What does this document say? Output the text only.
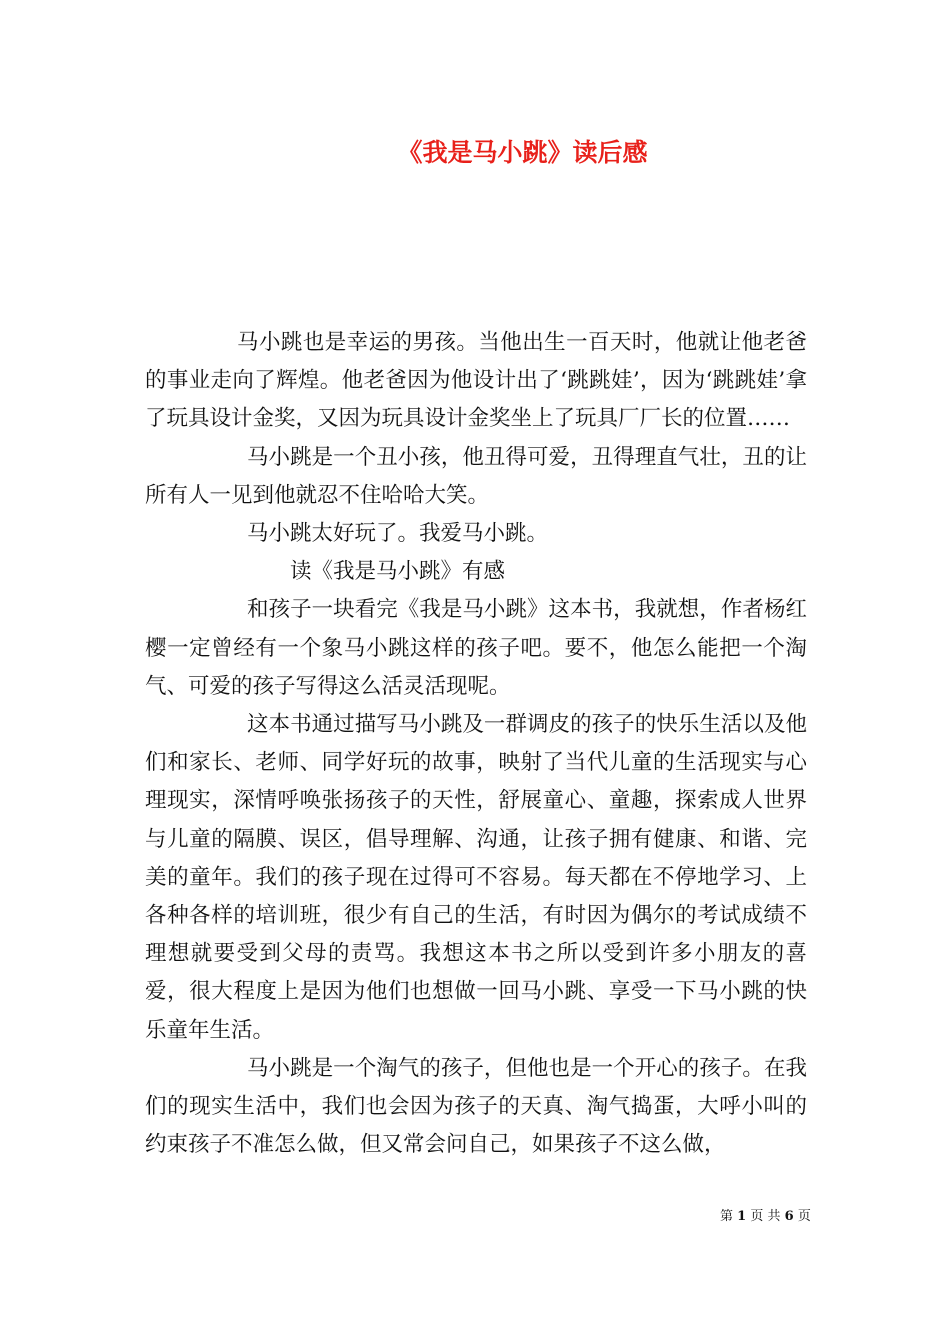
《我是马小跳》读后感

马小跳也是幸运的男孩。当他出生一百天时，他就让他老爸的事业走向了辉煌。他老爸因为他设计出了‘跳跳娃’，因为‘跳跳娃’拿了玩具设计金奖，又因为玩具设计金奖坐上了玩具厂厂长的位置……

马小跳是一个丑小孩，他丑得可爱，丑得理直气壮，丑的让所有人一见到他就忍不住哈哈大笑。

马小跳太好玩了。我爱马小跳。

读《我是马小跳》有感

和孩子一块看完《我是马小跳》这本书，我就想，作者杨红樱一定曾经有一个象马小跳这样的孩子吧。要不，他怎么能把一个淘气、可爱的孩子写得这么活灵活现呢。

这本书通过描写马小跳及一群调皮的孩子的快乐生活以及他们和家长、老师、同学好玩的故事，映射了当代儿童的生活现实与心理现实，深情呼唤张扬孩子的天性，舒展童心、童趣，探索成人世界与儿童的隔膜、误区，倡导理解、沟通，让孩子拥有健康、和谐、完美的童年。我们的孩子现在过得可不容易。每天都在不停地学习、上各种各样的培训班，很少有自己的生活，有时因为偶尔的考试成绩不理想就要受到父母的责骂。我想这本书之所以受到许多小朋友的喜爱，很大程度上是因为他们也想做一回马小跳、享受一下马小跳的快乐童年生活。

马小跳是一个淘气的孩子，但他也是一个开心的孩子。在我们的现实生活中，我们也会因为孩子的天真、淘气捣蛋，大呼小叫的约束孩子不准怎么做，但又常会问自己，如果孩子不这么做，

第 1 页 共 6 页
